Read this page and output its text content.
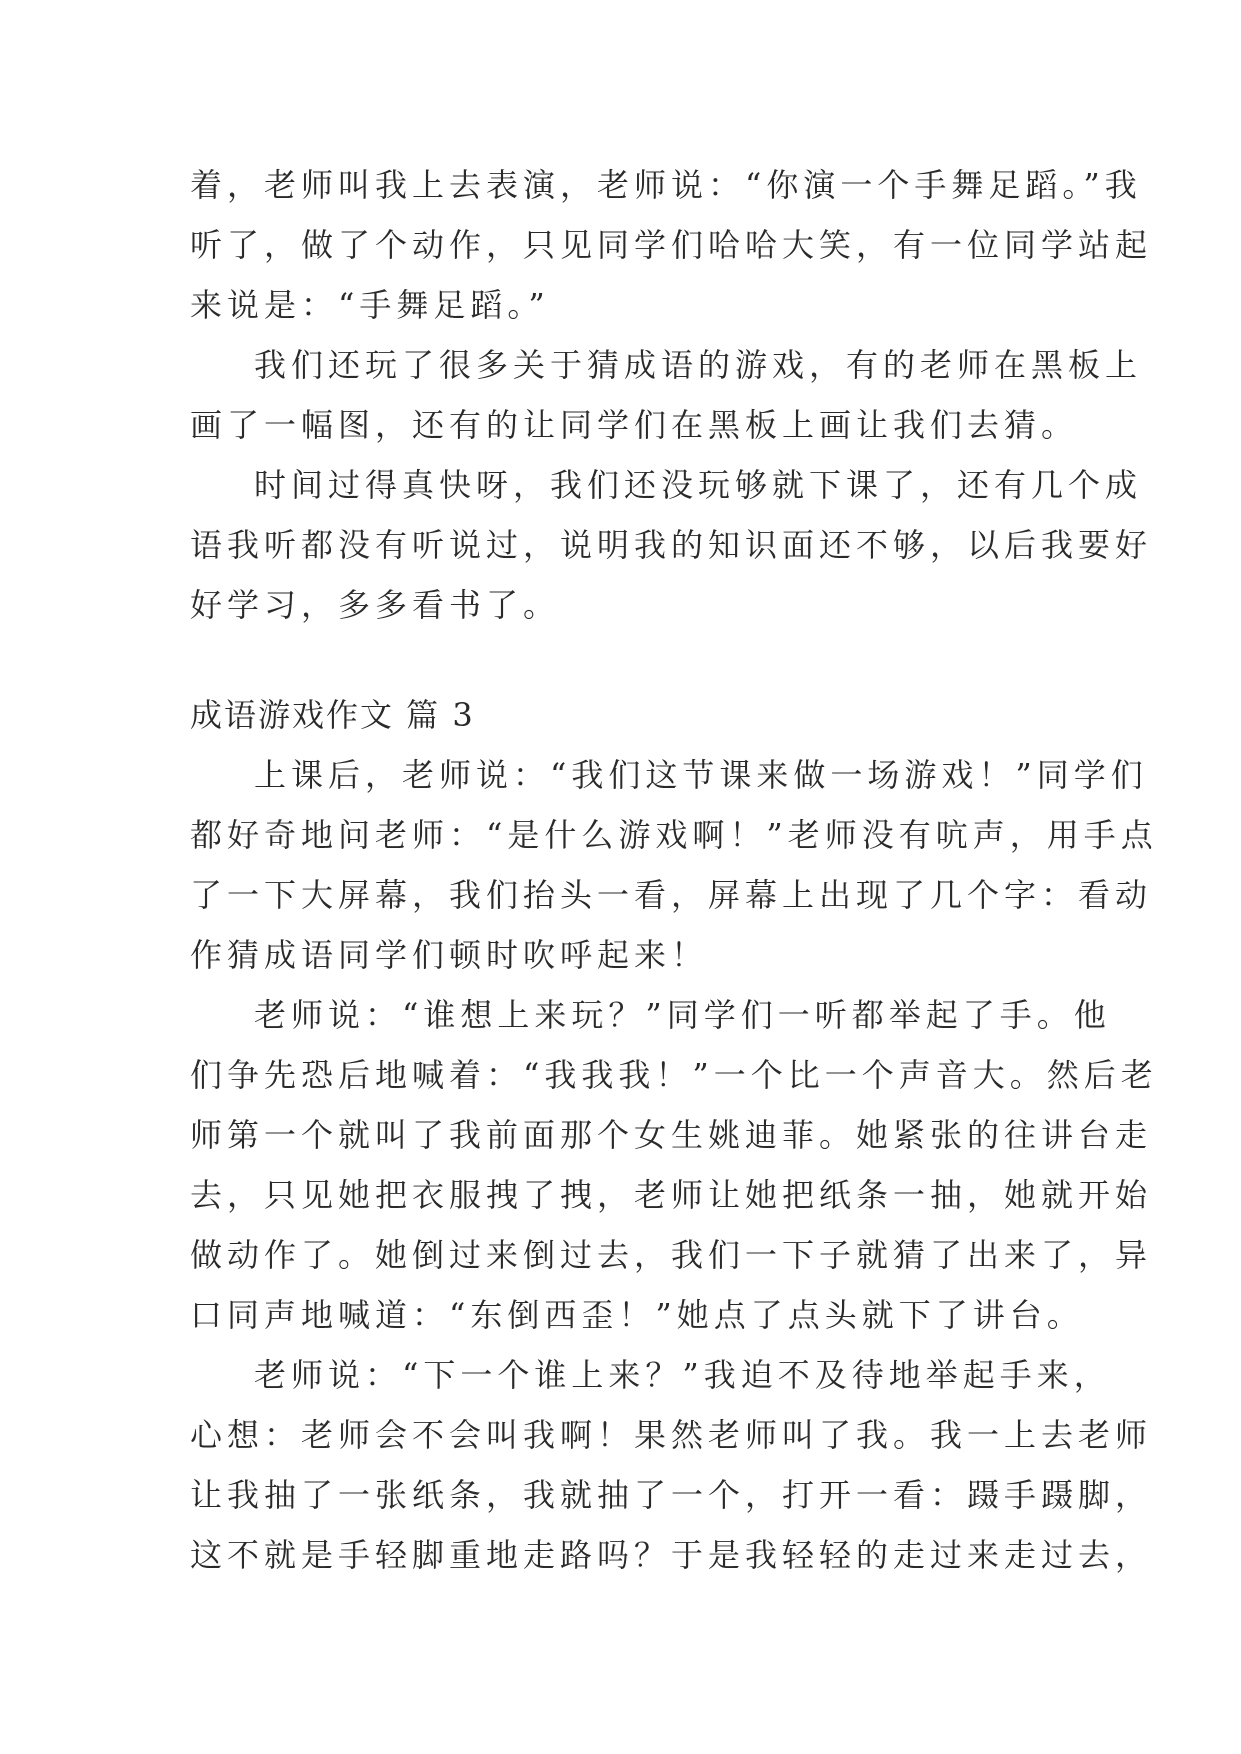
着，老师叫我上去表演，老师说：“你演一个手舞足蹈。”我
听了，做了个动作，只见同学们哈哈大笑，有一位同学站起
来说是：“手舞足蹈。”
我们还玩了很多关于猜成语的游戏，有的老师在黑板上
画了一幅图，还有的让同学们在黑板上画让我们去猜。
时间过得真快呀，我们还没玩够就下课了，还有几个成
语我听都没有听说过，说明我的知识面还不够，以后我要好
好学习，多多看书了。
成语游戏作文 篇 3
上课后，老师说：“我们这节课来做一场游戏！”同学们
都好奇地问老师：“是什么游戏啊！”老师没有吭声，用手点
了一下大屏幕，我们抬头一看，屏幕上出现了几个字：看动
作猜成语同学们顿时吹呼起来！
老师说：“谁想上来玩？”同学们一听都举起了手。他
们争先恐后地喊着：“我我我！”一个比一个声音大。然后老
师第一个就叫了我前面那个女生姚迪菲。她紧张的往讲台走
去，只见她把衣服拽了拽，老师让她把纸条一抽，她就开始
做动作了。她倒过来倒过去，我们一下子就猜了出来了，异
口同声地喊道：“东倒西歪！”她点了点头就下了讲台。
老师说：“下一个谁上来？”我迫不及待地举起手来，
心想：老师会不会叫我啊！果然老师叫了我。我一上去老师
让我抽了一张纸条，我就抽了一个，打开一看：蹑手蹑脚，
这不就是手轻脚重地走路吗？于是我轻轻的走过来走过去，
